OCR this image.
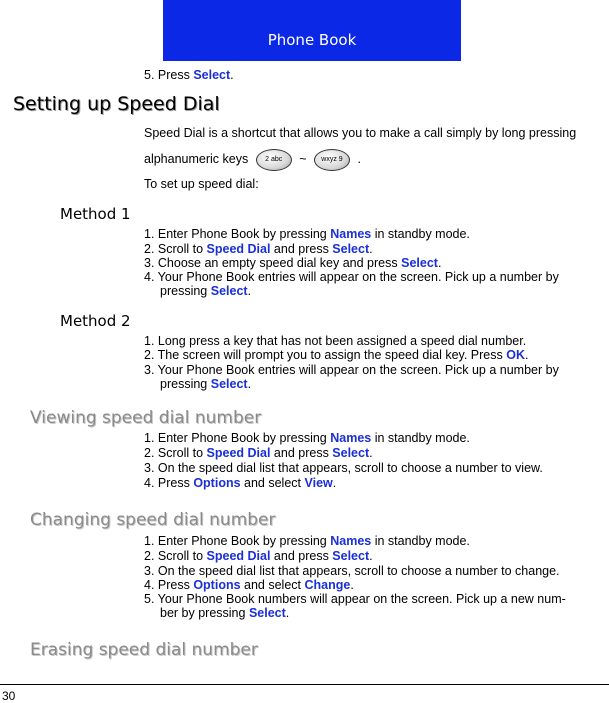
Phone Book
5. Press Select.
Setting up Speed Dial
Speed Dial is a shortcut that allows you to make a call simply by long pressing
alphanumeric keys 2 abc ~ wxyz 9 .
To set up speed dial:
Method 1
1. Enter Phone Book by pressing Names in standby mode.
2. Scroll to Speed Dial and press Select.
3. Choose an empty speed dial key and press Select.
4. Your Phone Book entries will appear on the screen. Pick up a number by
pressing Select.
Method 2
1. Long press a key that has not been assigned a speed dial number.
2. The screen will prompt you to assign the speed dial key. Press OK.
3. Your Phone Book entries will appear on the screen. Pick up a number by
pressing Select.
Viewing speed dial number
1. Enter Phone Book by pressing Names in standby mode.
2. Scroll to Speed Dial and press Select.
3. On the speed dial list that appears, scroll to choose a number to view.
4. Press Options and select View.
Changing speed dial number
1. Enter Phone Book by pressing Names in standby mode.
2. Scroll to Speed Dial and press Select.
3. On the speed dial list that appears, scroll to choose a number to change.
4. Press Options and select Change.
5. Your Phone Book numbers will appear on the screen. Pick up a new num-
ber by pressing Select.
Erasing speed dial number
30
